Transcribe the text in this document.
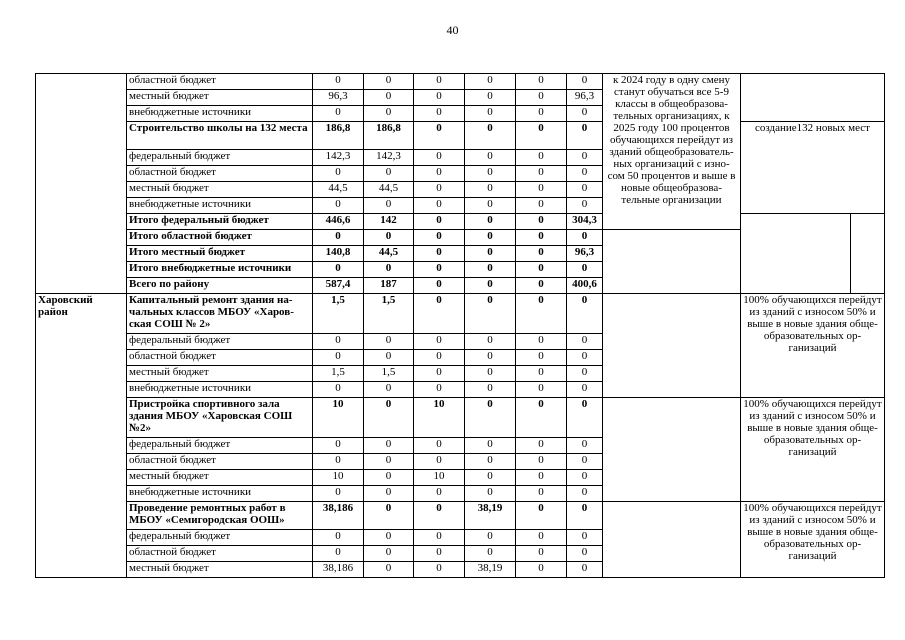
40
	областной бюджет	0	0	0	0	0	0	к 2024 году в одну смену станут обучаться все 5-9 классы в общеобразова-тельных организациях, к 2025 году 100 процентов обучающихся перейдут из зданий общеобразователь-ных организаций с изно-сом 50 процентов и выше в новые общеобразова-тельные организации		
	местный бюджет	96,3	0	0	0	0	96,3			
	внебюджетные источники	0	0	0	0	0	0			
	Строительство школы на 132 места	186,8	186,8	0	0	0	0		создание132 новых мест	
	федеральный бюджет	142,3	142,3	0	0	0	0			
	областной бюджет	0	0	0	0	0	0			
	местный бюджет	44,5	44,5	0	0	0	0			
	внебюджетные источники	0	0	0	0	0	0			
	Итого федеральный бюджет	446,6	142	0	0	0	304,3			
	Итого областной бюджет	0	0	0	0	0	0			
	Итого местный бюджет	140,8	44,5	0	0	0	96,3			
	Итого внебюджетные источники	0	0	0	0	0	0			
	Всего по району	587,4	187	0	0	0	400,6			
Харовский район	Капитальный ремонт здания на-чальных классов МБОУ «Харов-ская СОШ № 2»	1,5	1,5	0	0	0	0		100% обучающихся перейдут из зданий с износом 50% и выше в новые здания обще-образовательных ор-ганизаций	
	федеральный бюджет	0	0	0	0	0	0			
	областной бюджет	0	0	0	0	0	0			
	местный бюджет	1,5	1,5	0	0	0	0			
	внебюджетные источники	0	0	0	0	0	0			
	Пристройка спортивного зала здания МБОУ «Харовская СОШ №2»	10	0	10	0	0	0		100% обучающихся перейдут из зданий с износом 50% и выше в новые здания обще-образовательных ор-ганизаций	
	федеральный бюджет	0	0	0	0	0	0			
	областной бюджет	0	0	0	0	0	0			
	местный бюджет	10	0	10	0	0	0			
	внебюджетные источники	0	0	0	0	0	0			
	Проведение ремонтных работ в МБОУ «Семигородская ООШ»	38,186	0	0	38,19	0	0		100% обучающихся перейдут из зданий с износом 50% и выше в новые здания обще-образовательных ор-ганизаций	
	федеральный бюджет	0	0	0	0	0	0			
	областной бюджет	0	0	0	0	0	0			
	местный бюджет	38,186	0	0	38,19	0	0			
